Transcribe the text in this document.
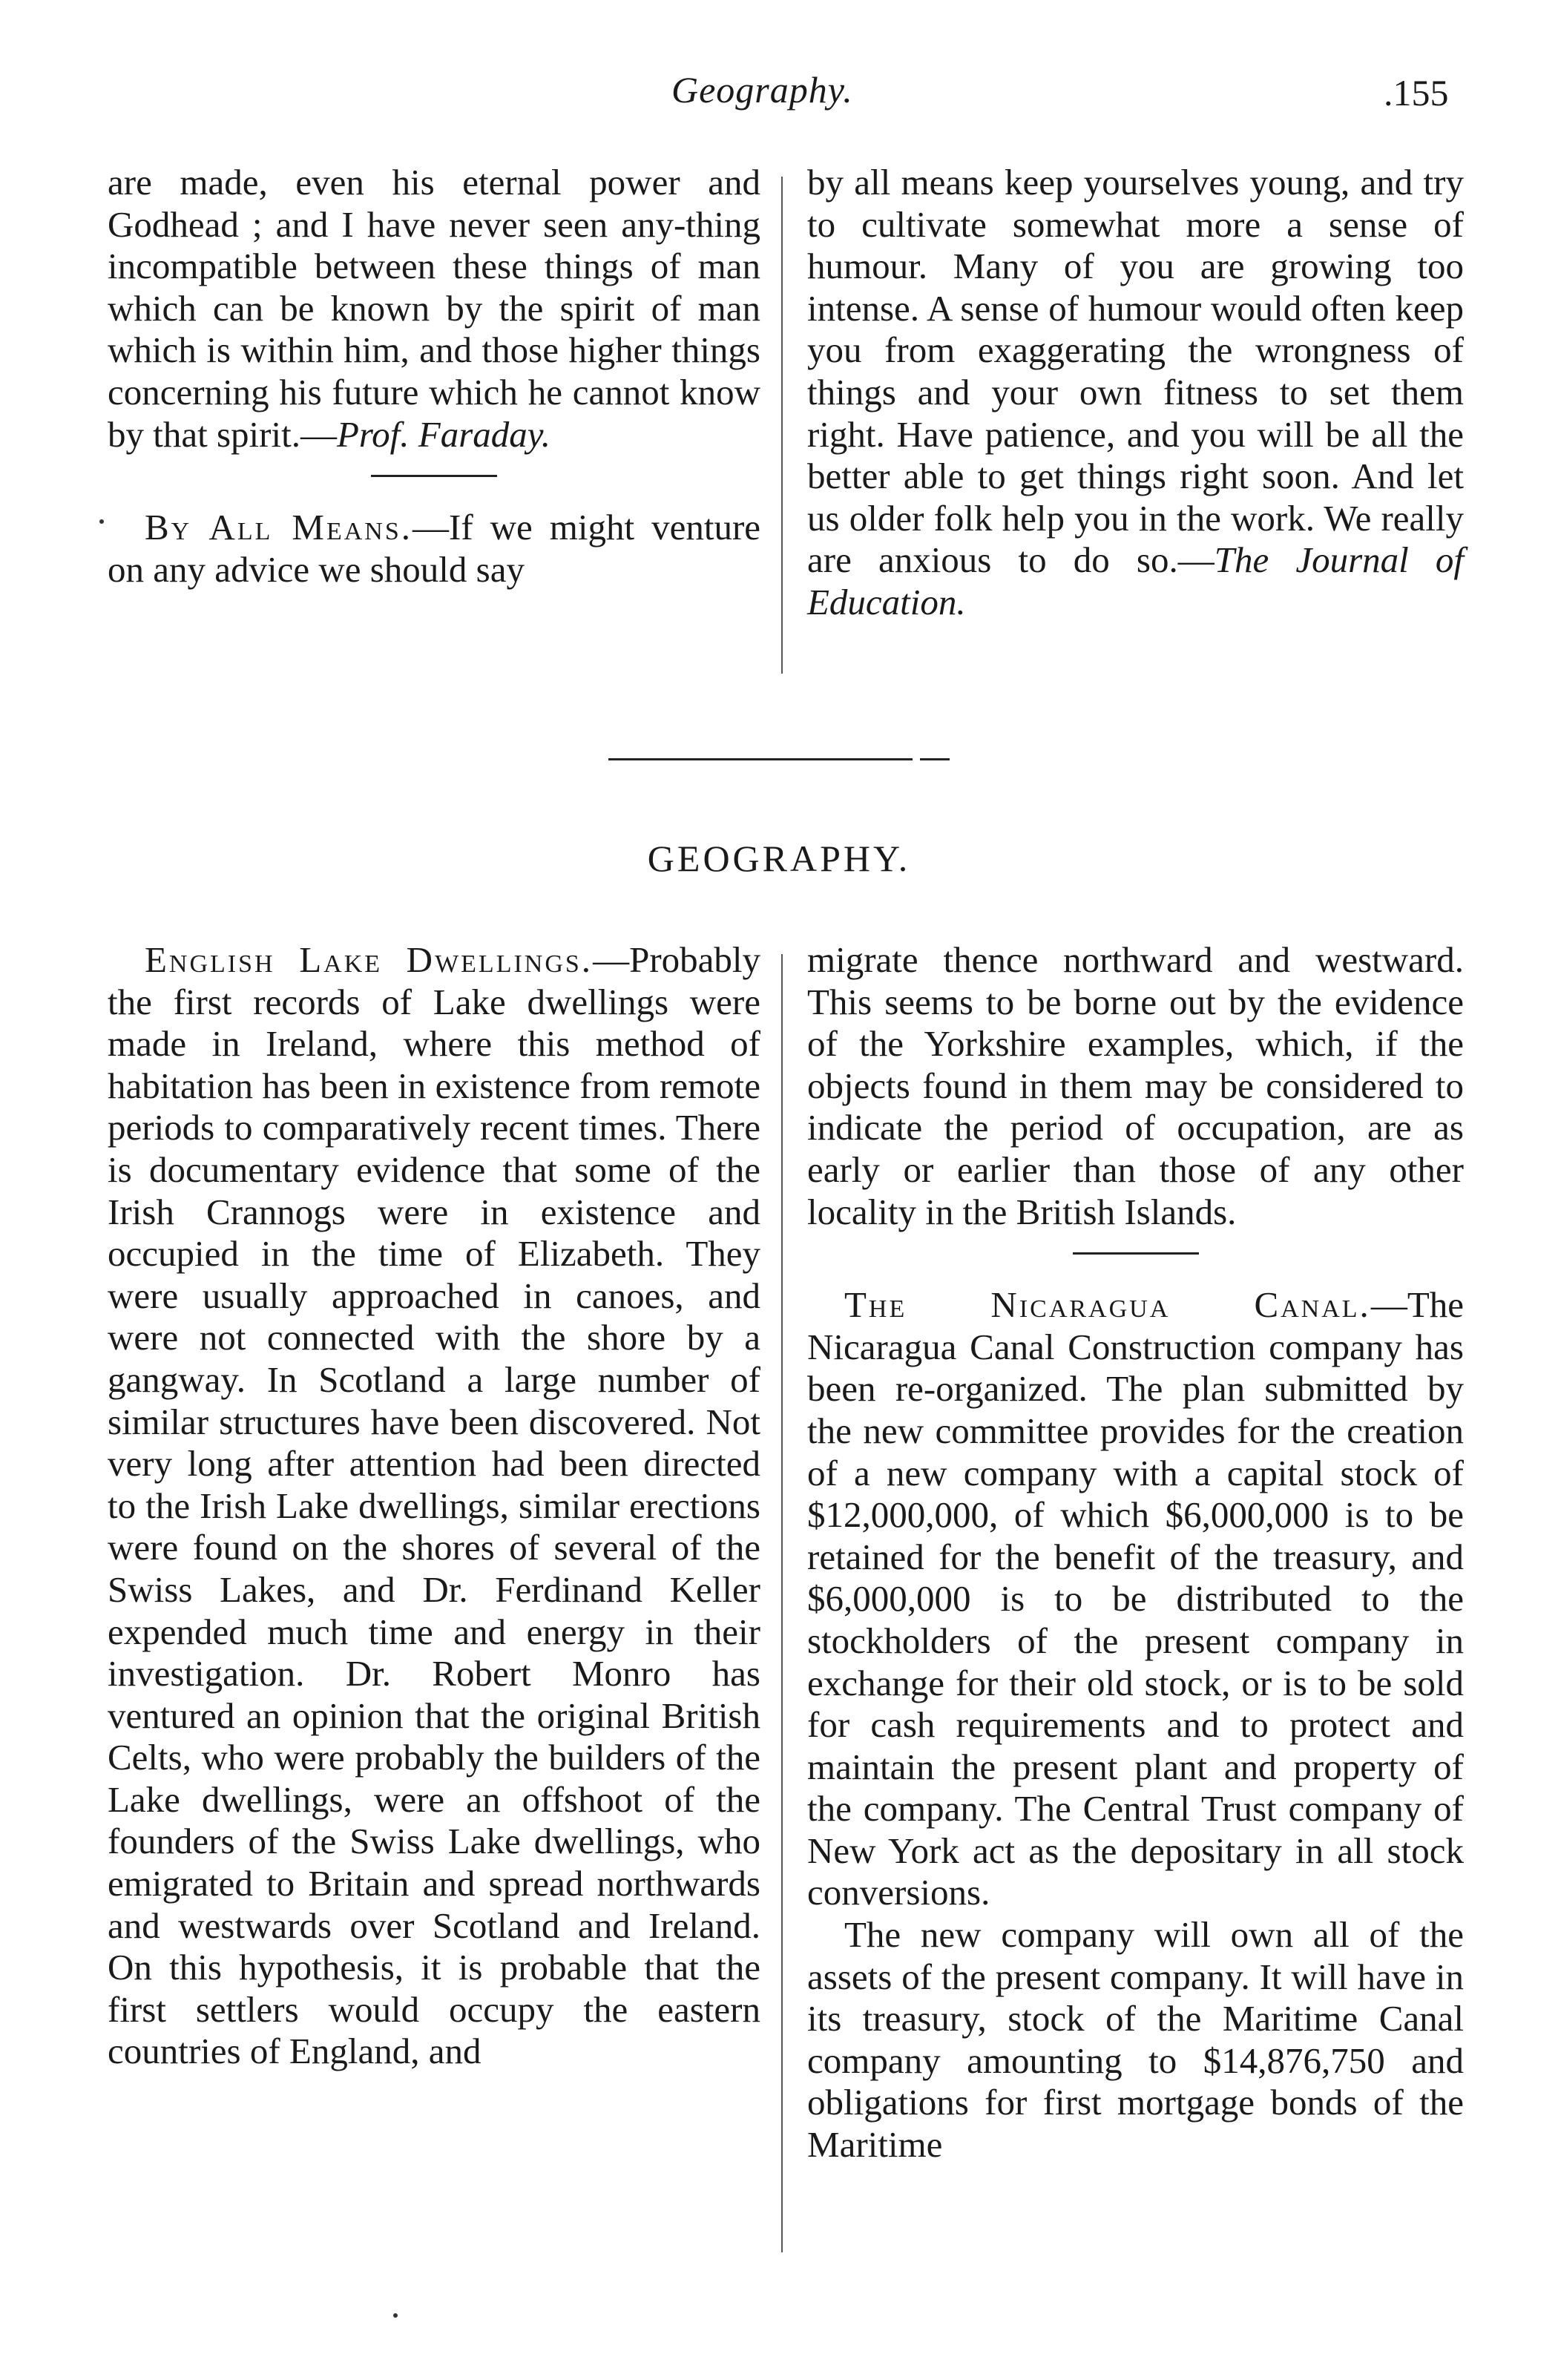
Geography.	.155

are made, even his eternal power and Godhead ; and I have never seen any-thing incompatible between these things of man which can be known by the spirit of man which is within him, and those higher things concerning his future which he cannot know by that spirit.—Prof. Faraday.

By All Means.—If we might venture on any advice we should say

by all means keep yourselves young, and try to cultivate somewhat more a sense of humour. Many of you are growing too intense. A sense of humour would often keep you from exaggerating the wrongness of things and your own fitness to set them right. Have patience, and you will be all the better able to get things right soon. And let us older folk help you in the work. We really are anxious to do so.—The Journal of Education.

GEOGRAPHY.

English Lake Dwellings.—Probably the first records of Lake dwellings were made in Ireland, where this method of habitation has been in existence from remote periods to comparatively recent times. There is documentary evidence that some of the Irish Crannogs were in existence and occupied in the time of Elizabeth. They were usually approached in canoes, and were not connected with the shore by a gangway. In Scotland a large number of similar structures have been discovered. Not very long after attention had been directed to the Irish Lake dwellings, similar erections were found on the shores of several of the Swiss Lakes, and Dr. Ferdinand Keller expended much time and energy in their investigation. Dr. Robert Monro has ventured an opinion that the original British Celts, who were probably the builders of the Lake dwellings, were an offshoot of the founders of the Swiss Lake dwellings, who emigrated to Britain and spread northwards and westwards over Scotland and Ireland. On this hypothesis, it is probable that the first settlers would occupy the eastern countries of England, and

migrate thence northward and westward. This seems to be borne out by the evidence of the Yorkshire examples, which, if the objects found in them may be considered to indicate the period of occupation, are as early or earlier than those of any other locality in the British Islands.

The Nicaragua Canal.—The Nicaragua Canal Construction company has been re-organized. The plan submitted by the new committee provides for the creation of a new company with a capital stock of $12,000,000, of which $6,000,000 is to be retained for the benefit of the treasury, and $6,000,000 is to be distributed to the stockholders of the present company in exchange for their old stock, or is to be sold for cash requirements and to protect and maintain the present plant and property of the company. The Central Trust company of New York act as the depositary in all stock conversions.

The new company will own all of the assets of the present company. It will have in its treasury, stock of the Maritime Canal company amounting to $14,876,750 and obligations for first mortgage bonds of the Maritime
